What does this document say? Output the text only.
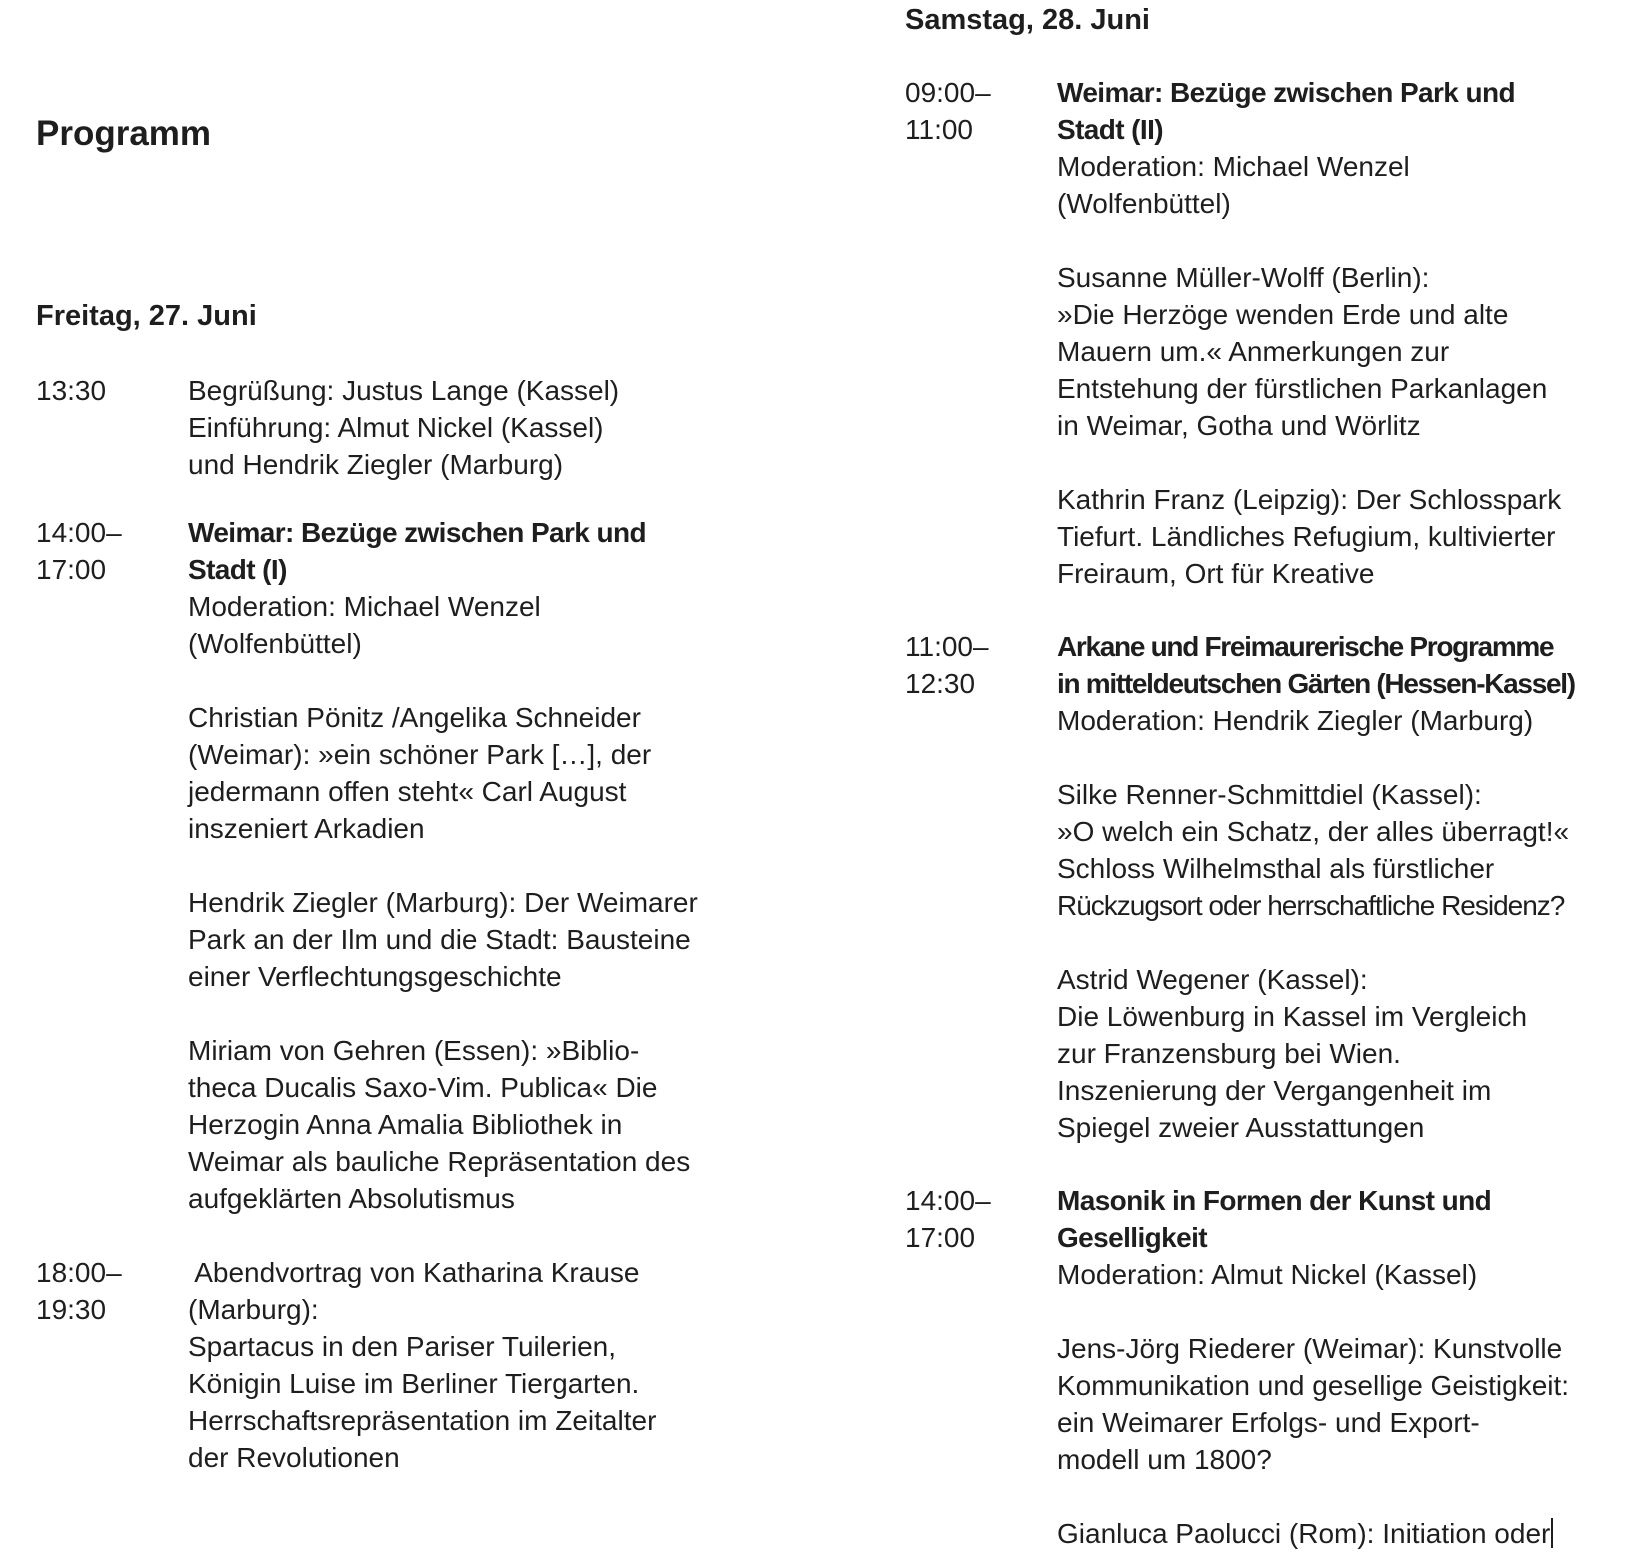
Programm
Freitag, 27. Juni
13:30	Begrüßung: Justus Lange (Kassel)
Einführung: Almut Nickel (Kassel)
und Hendrik Ziegler (Marburg)
14:00–
17:00
Weimar: Bezüge zwischen Park und
Stadt (I)
Moderation: Michael Wenzel
(Wolfenbüttel)
Christian Pönitz /Angelika Schneider
(Weimar): »ein schöner Park […], der
jedermann offen steht« Carl August
inszeniert Arkadien
Hendrik Ziegler (Marburg): Der Weimarer
Park an der Ilm und die Stadt: Bausteine
einer Verflechtungsgeschichte
Miriam von Gehren (Essen): »Biblio-
theca Ducalis Saxo-Vim. Publica« Die
Herzogin Anna Amalia Bibliothek in
Weimar als bauliche Repräsentation des
aufgeklärten Absolutismus
18:00–
19:30
Abendvortrag von Katharina Krause
(Marburg):
Spartacus in den Pariser Tuilerien,
Königin Luise im Berliner Tiergarten.
Herrschaftsrepräsentation im Zeitalter
der Revolutionen
Samstag, 28. Juni
09:00–
11:00
Weimar: Bezüge zwischen Park und
Stadt (II)
Moderation: Michael Wenzel
(Wolfenbüttel)
Susanne Müller-Wolff (Berlin):
»Die Herzöge wenden Erde und alte
Mauern um.« Anmerkungen zur
Entstehung der fürstlichen Parkanlagen
in Weimar, Gotha und Wörlitz
Kathrin Franz (Leipzig): Der Schlosspark
Tiefurt. Ländliches Refugium, kultivierter
Freiraum, Ort für Kreative
11:00–
12:30
Arkane und Freimaurerische Programme
in mitteldeutschen Gärten (Hessen-Kassel)
Moderation: Hendrik Ziegler (Marburg)
Silke Renner-Schmittdiel (Kassel):
»O welch ein Schatz, der alles überragt!«
Schloss Wilhelmsthal als fürstlicher
Rückzugsort oder herrschaftliche Residenz?
Astrid Wegener (Kassel):
Die Löwenburg in Kassel im Vergleich
zur Franzensburg bei Wien.
Inszenierung der Vergangenheit im
Spiegel zweier Ausstattungen
14:00–
17:00
Masonik in Formen der Kunst und
Geselligkeit
Moderation: Almut Nickel (Kassel)
Jens-Jörg Riederer (Weimar): Kunstvolle
Kommunikation und gesellige Geistigkeit:
ein Weimarer Erfolgs- und Export-
modell um 1800?
Gianluca Paolucci (Rom): Initiation oder
